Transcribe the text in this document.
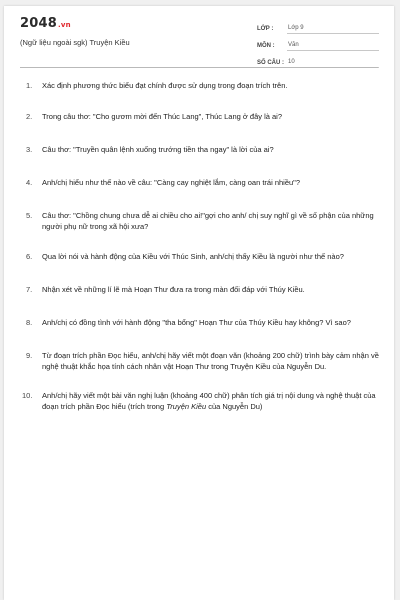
2048.vn
(Ngữ liệu ngoài sgk) Truyện Kiều
LỚP :	Lớp 9
MÔN :	Văn
SỐ CÂU : 10
1. Xác định phương thức biểu đạt chính được sử dụng trong đoạn trích trên.
2. Trong câu thơ: "Cho gươm mời đến Thúc Lang", Thúc Lang ở đây là ai?
3. Câu thơ: "Truyền quân lệnh xuống trướng tiền tha ngay" là lời của ai?
4. Anh/chị hiểu như thế nào về câu: "Càng cay nghiệt lắm, càng oan trái nhiều"?
5. Câu thơ: "Chồng chung chưa dễ ai chiều cho ai!"gợi cho anh/ chị suy nghĩ gì về số phận của những người phụ nữ trong xã hội xưa?
6. Qua lời nói và hành động của Kiều với Thúc Sinh, anh/chị thấy Kiều là người như thế nào?
7. Nhận xét về những lí lẽ mà Hoạn Thư đưa ra trong màn đối đáp với Thúy Kiều.
8. Anh/chị có đồng tình với hành động "tha bổng" Hoạn Thư của Thúy Kiều hay không? Vì sao?
9. Từ đoạn trích phần Đọc hiểu, anh/chị hãy viết một đoạn văn (khoảng 200 chữ) trình bày cảm nhận về nghệ thuật khắc họa tính cách nhân vật Hoạn Thư trong Truyện Kiều của Nguyễn Du.
10. Anh/chị hãy viết một bài văn nghị luận (khoảng 400 chữ) phân tích giá trị nội dung và nghệ thuật của đoạn trích phần Đọc hiểu (trích trong Truyện Kiều của Nguyễn Du)
